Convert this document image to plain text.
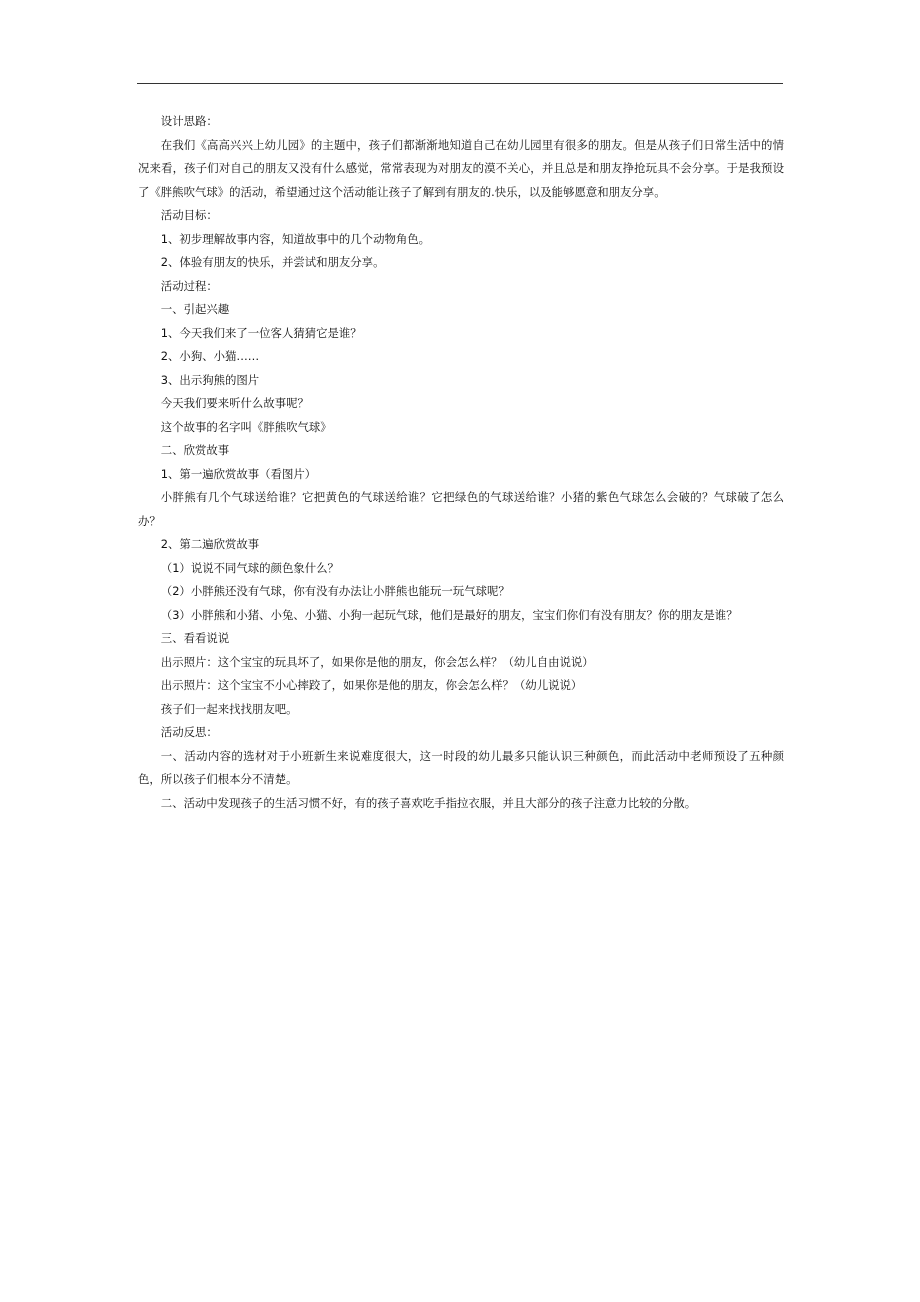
设计思路：

在我们《高高兴兴上幼儿园》的主题中，孩子们都渐渐地知道自己在幼儿园里有很多的朋友。但是从孩子们日常生活中的情况来看，孩子们对自己的朋友又没有什么感觉，常常表现为对朋友的漠不关心，并且总是和朋友挣抢玩具不会分享。于是我预设了《胖熊吹气球》的活动，希望通过这个活动能让孩子了解到有朋友的.快乐，以及能够愿意和朋友分享。

活动目标：

1、初步理解故事内容，知道故事中的几个动物角色。

2、体验有朋友的快乐，并尝试和朋友分享。

活动过程：

一、引起兴趣

1、今天我们来了一位客人猜猜它是谁？

2、小狗、小猫……

3、出示狗熊的图片

今天我们要来听什么故事呢？

这个故事的名字叫《胖熊吹气球》

二、欣赏故事

1、第一遍欣赏故事（看图片）

小胖熊有几个气球送给谁？它把黄色的气球送给谁？它把绿色的气球送给谁？小猪的紫色气球怎么会破的？气球破了怎么办？

2、第二遍欣赏故事

（1）说说不同气球的颜色象什么？

（2）小胖熊还没有气球，你有没有办法让小胖熊也能玩一玩气球呢？

（3）小胖熊和小猪、小兔、小猫、小狗一起玩气球，他们是最好的朋友，宝宝们你们有没有朋友？你的朋友是谁？

三、看看说说

出示照片：这个宝宝的玩具坏了，如果你是他的朋友，你会怎么样？（幼儿自由说说）

出示照片：这个宝宝不小心摔跤了，如果你是他的朋友，你会怎么样？（幼儿说说）

孩子们一起来找找朋友吧。

活动反思：

一、活动内容的选材对于小班新生来说难度很大，这一时段的幼儿最多只能认识三种颜色，而此活动中老师预设了五种颜色，所以孩子们根本分不清楚。

二、活动中发现孩子的生活习惯不好，有的孩子喜欢吃手指拉衣服，并且大部分的孩子注意力比较的分散。
